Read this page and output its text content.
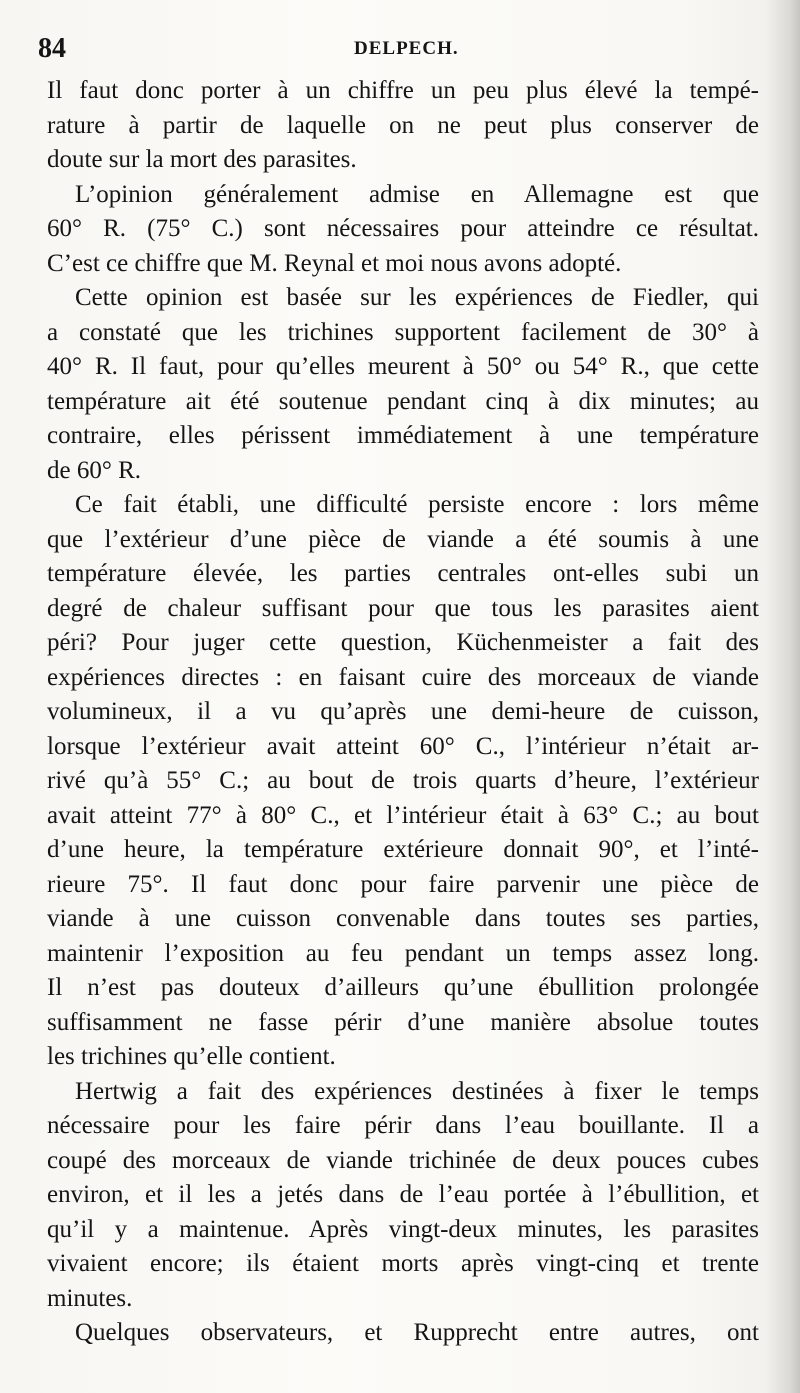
84	DELPECH.
Il faut donc porter à un chiffre un peu plus élevé la tempé-
rature à partir de laquelle on ne peut plus conserver de
doute sur la mort des parasites.
L’opinion généralement admise en Allemagne est que
60° R. (75° C.) sont nécessaires pour atteindre ce résultat.
C’est ce chiffre que M. Reynal et moi nous avons adopté.
Cette opinion est basée sur les expériences de Fiedler, qui
a constaté que les trichines supportent facilement de 30° à
40° R. Il faut, pour qu’elles meurent à 50° ou 54° R., que cette
température ait été soutenue pendant cinq à dix minutes; au
contraire, elles périssent immédiatement à une température
de 60° R.
Ce fait établi, une difficulté persiste encore : lors même
que l’extérieur d’une pièce de viande a été soumis à une
température élevée, les parties centrales ont-elles subi un
degré de chaleur suffisant pour que tous les parasites aient
péri? Pour juger cette question, Küchenmeister a fait des
expériences directes : en faisant cuire des morceaux de viande
volumineux, il a vu qu’après une demi-heure de cuisson,
lorsque l’extérieur avait atteint 60° C., l’intérieur n’était ar-
rivé qu’à 55° C.; au bout de trois quarts d’heure, l’extérieur
avait atteint 77° à 80° C., et l’intérieur était à 63° C.; au bout
d’une heure, la température extérieure donnait 90°, et l’inté-
rieure 75°. Il faut donc pour faire parvenir une pièce de
viande à une cuisson convenable dans toutes ses parties,
maintenir l’exposition au feu pendant un temps assez long.
Il n’est pas douteux d’ailleurs qu’une ébullition prolongée
suffisamment ne fasse périr d’une manière absolue toutes
les trichines qu’elle contient.
Hertwig a fait des expériences destinées à fixer le temps
nécessaire pour les faire périr dans l’eau bouillante. Il a
coupé des morceaux de viande trichinée de deux pouces cubes
environ, et il les a jetés dans de l’eau portée à l’ébullition, et
qu’il y a maintenue. Après vingt-deux minutes, les parasites
vivaient encore; ils étaient morts après vingt-cinq et trente
minutes.
Quelques observateurs, et Rupprecht entre autres, ont
